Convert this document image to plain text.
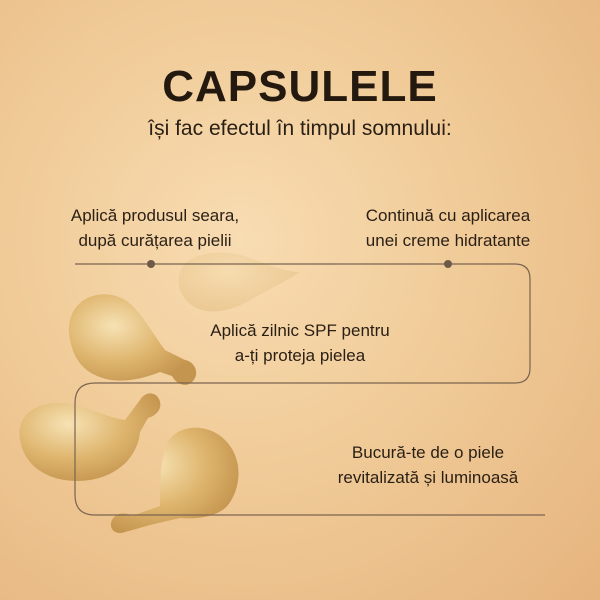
CAPSULELE
își fac efectul în timpul somnului:
Aplică produsul seara,
după curățarea pielii
Continuă cu aplicarea
unei creme hidratante
Aplică zilnic SPF pentru
a-ți proteja pielea
Bucură-te de o piele
revitalizată și luminoasă
